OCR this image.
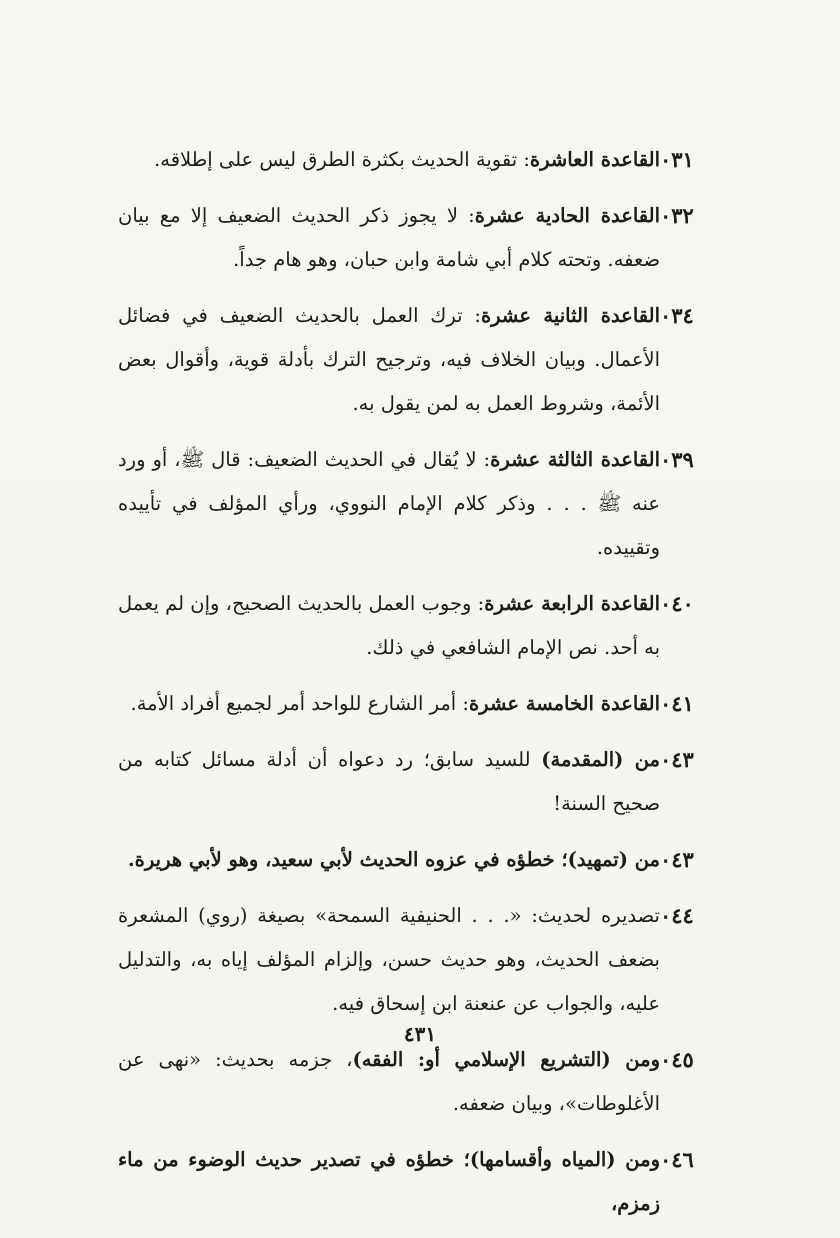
٠٣١
القاعدة العاشرة: تقوية الحديث بكثرة الطرق ليس على إطلاقه.
٠٣٢
القاعدة الحادية عشرة: لا يجوز ذكر الحديث الضعيف إلا مع بيان ضعفه. وتحته كلام أبي شامة وابن حبان، وهو هام جداً.
٠٣٤
القاعدة الثانية عشرة: ترك العمل بالحديث الضعيف في فضائل الأعمال. وبيان الخلاف فيه، وترجيح الترك بأدلة قوية، وأقوال بعض الأئمة، وشروط العمل به لمن يقول به.
٠٣٩
القاعدة الثالثة عشرة: لا يُقال في الحديث الضعيف: قال ﷺ، أو ورد عنه ﷺ . . . وذكر كلام الإمام النووي، ورأي المؤلف في تأييده وتقييده.
٠٤٠
القاعدة الرابعة عشرة: وجوب العمل بالحديث الصحيح، وإن لم يعمل به أحد. نص الإمام الشافعي في ذلك.
٠٤١
القاعدة الخامسة عشرة: أمر الشارع للواحد أمر لجميع أفراد الأمة.
٠٤٣
من (المقدمة) للسيد سابق؛ رد دعواه أن أدلة مسائل كتابه من صحيح السنة!
٠٤٣
من (تمهيد)؛ خطؤه في عزوه الحديث لأبي سعيد، وهو لأبي هريرة.
٠٤٤
تصديره لحديث: «. . . الحنيفية السمحة» بصيغة (روي) المشعرة بضعف الحديث، وهو حديث حسن، وإلزام المؤلف إياه به، والتدليل عليه، والجواب عن عنعنة ابن إسحاق فيه.
٠٤٥
ومن (التشريع الإسلامي أو: الفقه)، جزمه بحديث: «نهى عن الأغلوطات»، وبيان ضعفه.
٠٤٦
ومن (المياه وأقسامها)؛ خطؤه في تصدير حديث الوضوء من ماء زمزم،
٤٣١
